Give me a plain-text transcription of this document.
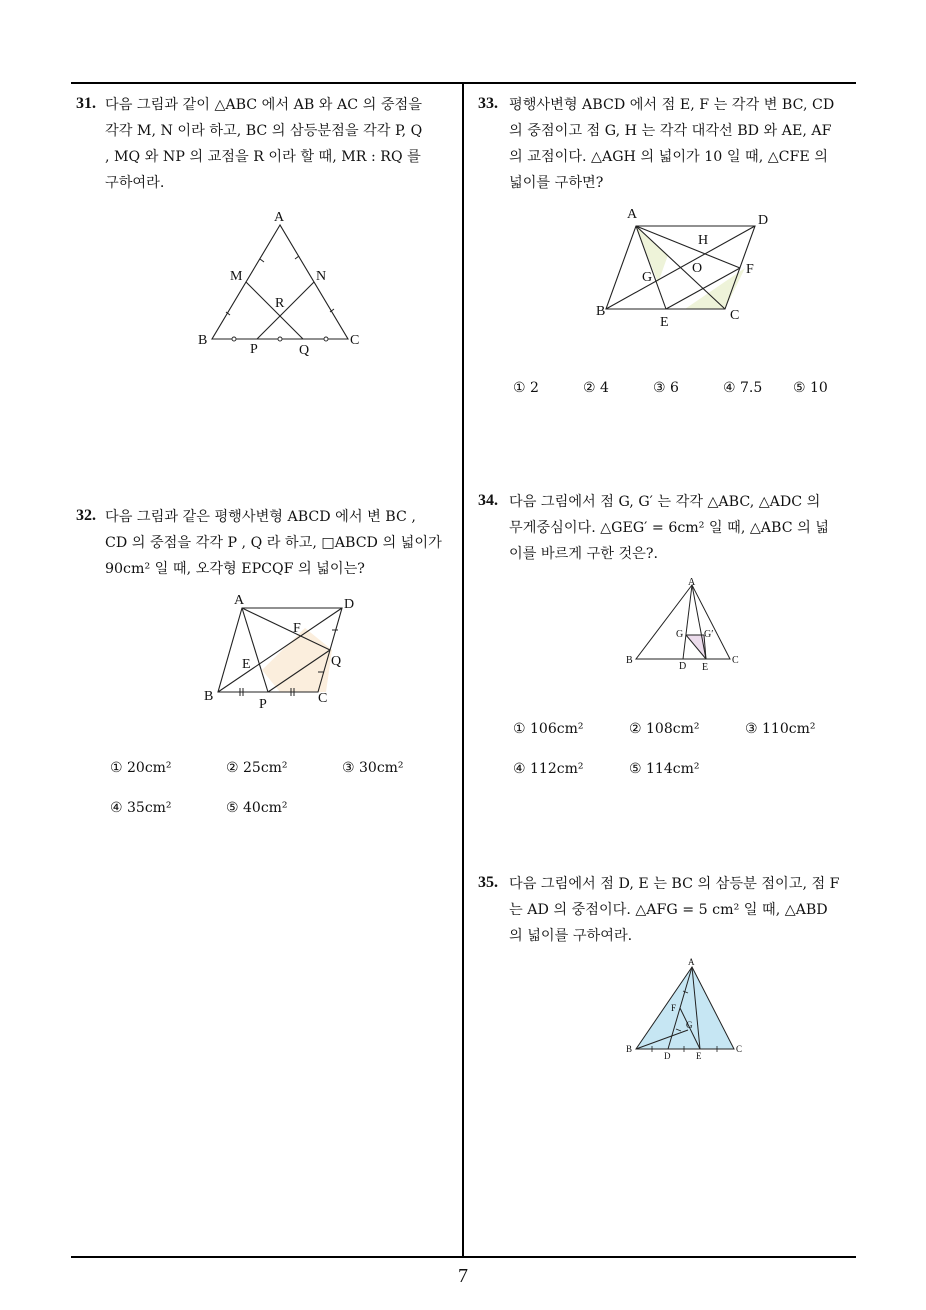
7
31. 다음 그림과 같이 △ABC 에서 AB 와 AC 의 중점을
각각 M, N 이라 하고, BC 의 삼등분점을 각각 P, Q
, MQ 와 NP 의 교점을 R 이라 할 때, MR : RQ 를
구하여라.
A
M	N
R
B
P	Q
C
32. 다음 그림과 같은 평행사변형 ABCD 에서 변 BC ,
CD 의 중점을 각각 P , Q 라 하고, □ABCD 의 넓이가
90cm² 일 때, 오각형 EPCQF 의 넓이는?
A	D
F
E	Q
B
P	C
① 20cm²	② 25cm²	③ 30cm²
④ 35cm²	⑤ 40cm²
33. 평행사변형 ABCD 에서 점 E, F 는 각각 변 BC, CD
의 중점이고 점 G, H 는 각각 대각선 BD 와 AE, AF
의 교점이다. △AGH 의 넓이가 10 일 때, △CFE 의
넓이를 구하면?
A	D
H
O	F
G
B
E	C
① 2	② 4	③ 6	④ 7.5 ⑤ 10
34. 다음 그림에서 점 G, G′ 는 각각 △ABC, △ADC 의
무게중심이다. △GEG′ = 6cm² 일 때, △ABC 의 넓
이를 바르게 구한 것은?.
A
G G′
B
D E
C
① 106cm²	② 108cm²	③ 110cm²
④ 112cm²	⑤ 114cm²
35. 다음 그림에서 점 D, E 는 BC 의 삼등분 점이고, 점 F
는 AD 의 중점이다. △AFG = 5 cm² 일 때, △ABD
의 넓이를 구하여라.
A
F
G
B
D	E
C
